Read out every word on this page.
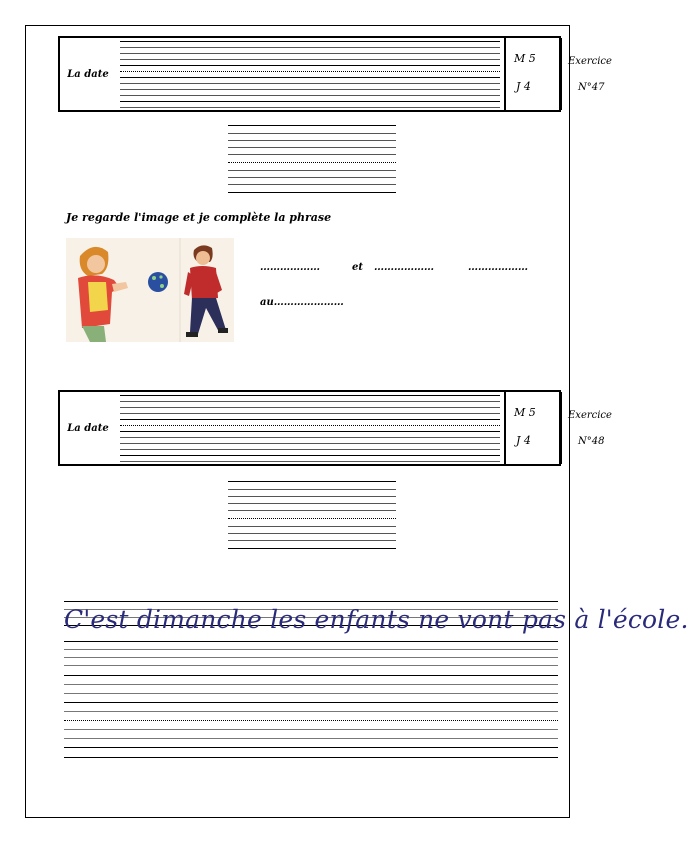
La date
M 5
J 4
Exercice
N°47
Je regarde l'image et je complète la phrase
………………	et ………………	………………
au…………………
La date
M 5
J 4
Exercice
N°48
C'est dimanche les enfants ne vont pas à l'école.
